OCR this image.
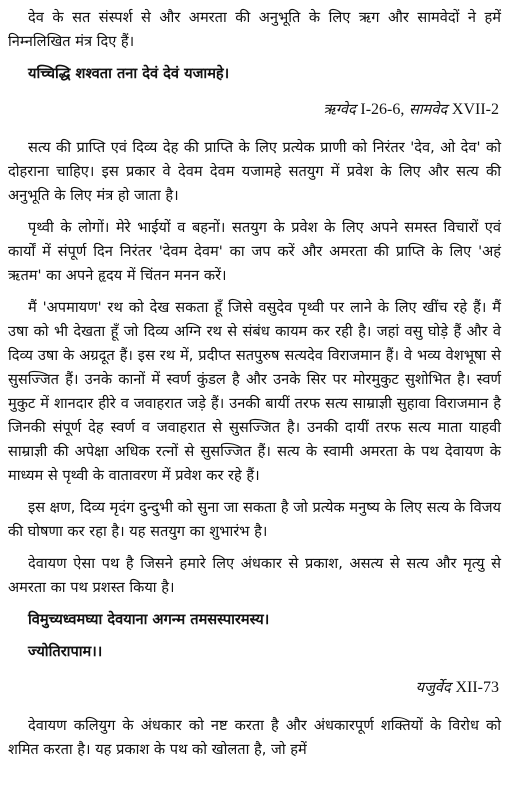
देव के सत संस्पर्श से और अमरता की अनुभूति के लिए ऋग और सामवेदों ने हमें निम्नलिखित मंत्र दिए हैं।

यच्चिद्धि शश्वता तना देवं देवं यजामहे।

ऋग्वेद I-26-6, सामवेद XVII-2

सत्य की प्राप्ति एवं दिव्य देह की प्राप्ति के लिए प्रत्येक प्राणी को निरंतर 'देव, ओ देव' को दोहराना चाहिए। इस प्रकार वे देवम देवम यजामहे सतयुग में प्रवेश के लिए और सत्य की अनुभूति के लिए मंत्र हो जाता है।

पृथ्वी के लोगों। मेरे भाईयों व बहनों। सतयुग के प्रवेश के लिए अपने समस्त विचारों एवं कार्यों में संपूर्ण दिन निरंतर 'देवम देवम' का जप करें और अमरता की प्राप्ति के लिए 'अहं ऋतम' का अपने हृदय में चिंतन मनन करें।

मैं 'अपमायण' रथ को देख सकता हूँ जिसे वसुदेव पृथ्वी पर लाने के लिए खींच रहे हैं। मैं उषा को भी देखता हूँ जो दिव्य अग्नि रथ से संबंध कायम कर रही है। जहां वसु घोड़े हैं और वे दिव्य उषा के अग्रदूत हैं। इस रथ में, प्रदीप्त सतपुरुष सत्यदेव विराजमान हैं। वे भव्य वेशभूषा से सुसज्जित हैं। उनके कानों में स्वर्ण कुंडल है और उनके सिर पर मोरमुकुट सुशोभित है। स्वर्ण मुकुट में शानदार हीरे व जवाहरात जड़े हैं। उनकी बायीं तरफ सत्य साम्राज्ञी सुहावा विराजमान है जिनकी संपूर्ण देह स्वर्ण व जवाहरात से सुसज्जित है। उनकी दायीं तरफ सत्य माता याहवी साम्राज्ञी की अपेक्षा अधिक रत्नों से सुसज्जित हैं। सत्य के स्वामी अमरता के पथ देवायण के माध्यम से पृथ्वी के वातावरण में प्रवेश कर रहे हैं।

इस क्षण, दिव्य मृदंग दुन्दुभी को सुना जा सकता है जो प्रत्येक मनुष्य के लिए सत्य के विजय की घोषणा कर रहा है। यह सतयुग का शुभारंभ है।

देवायण ऐसा पथ है जिसने हमारे लिए अंधकार से प्रकाश, असत्य से सत्य और मृत्यु से अमरता का पथ प्रशस्त किया है।

विमुच्यध्वमघ्या देवयाना अगन्म तमसस्पारमस्य।

ज्योतिरापाम।।

यजुर्वेद XII-73

देवायण कलियुग के अंधकार को नष्ट करता है और अंधकारपूर्ण शक्तियों के विरोध को शमित करता है। यह प्रकाश के पथ को खोलता है, जो हमें
